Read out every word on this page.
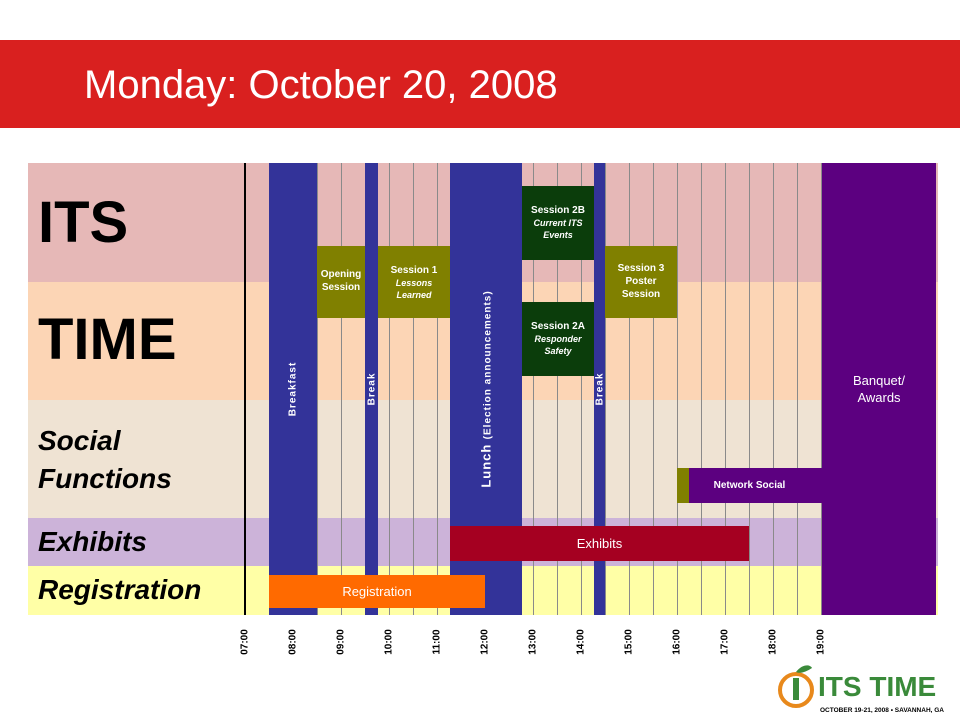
Monday: October 20, 2008
ITS
TIME
Social
Functions
Exhibits
Registration
Breakfast	Break
Opening
Session
Session 1
Lessons
Learned
Lunch (Election announcements)
Session 2B
Current ITS
Events
Session 2A
Responder
Safety
Break
Session 3
Poster
Session
Network Social
Banquet/
Awards
Exhibits
Registration
07:00	08:00	09:00	10:00	11:00	12:00	13:00	14:00	15:00	16:00	17:00	18:00	19:00
ITS TIME
OCTOBER 19-21, 2008 • SAVANNAH, GA
